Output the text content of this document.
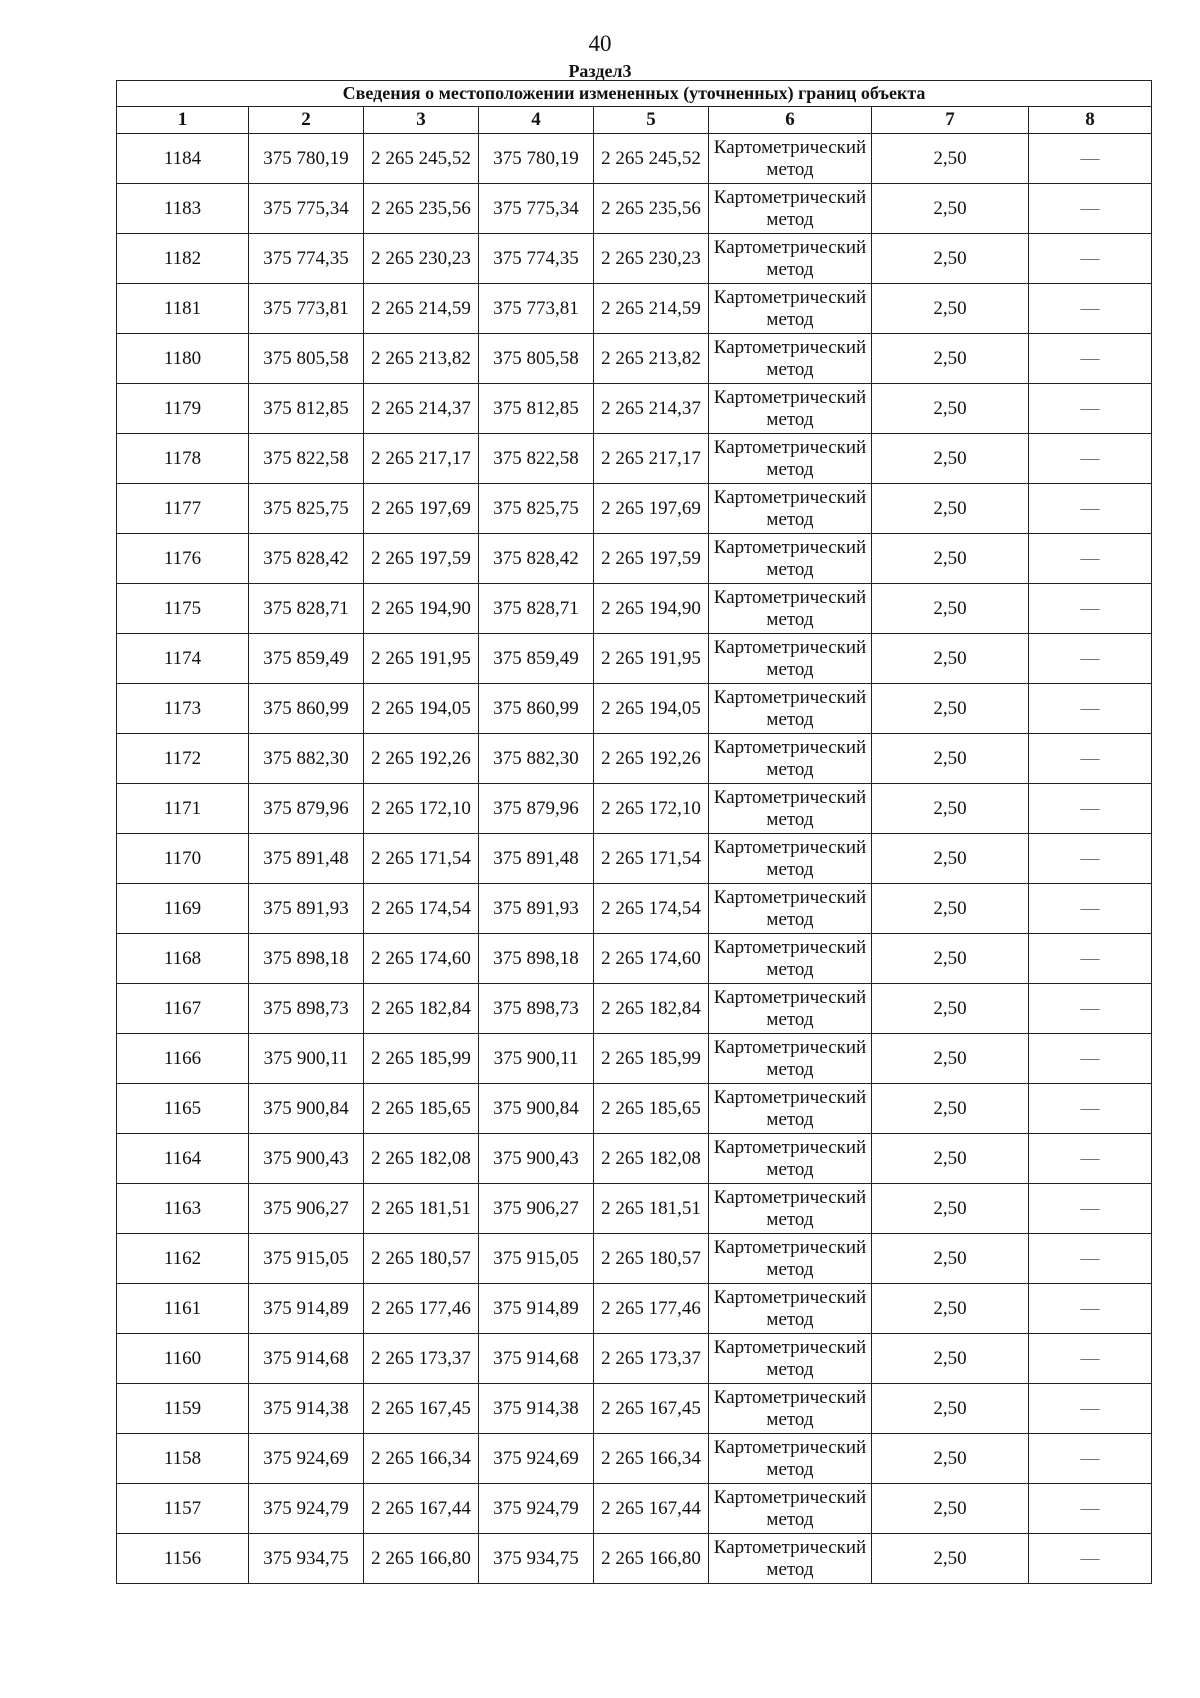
40
Раздел3
Сведения о местоположении измененных (уточненных) границ объекта							
1	2	3	4	5	6	7	8
1184	375 780,19	2 265 245,52	375 780,19	2 265 245,52	Картометрический метод	2,50	—
1183	375 775,34	2 265 235,56	375 775,34	2 265 235,56	Картометрический метод	2,50	—
1182	375 774,35	2 265 230,23	375 774,35	2 265 230,23	Картометрический метод	2,50	—
1181	375 773,81	2 265 214,59	375 773,81	2 265 214,59	Картометрический метод	2,50	—
1180	375 805,58	2 265 213,82	375 805,58	2 265 213,82	Картометрический метод	2,50	—
1179	375 812,85	2 265 214,37	375 812,85	2 265 214,37	Картометрический метод	2,50	—
1178	375 822,58	2 265 217,17	375 822,58	2 265 217,17	Картометрический метод	2,50	—
1177	375 825,75	2 265 197,69	375 825,75	2 265 197,69	Картометрический метод	2,50	—
1176	375 828,42	2 265 197,59	375 828,42	2 265 197,59	Картометрический метод	2,50	—
1175	375 828,71	2 265 194,90	375 828,71	2 265 194,90	Картометрический метод	2,50	—
1174	375 859,49	2 265 191,95	375 859,49	2 265 191,95	Картометрический метод	2,50	—
1173	375 860,99	2 265 194,05	375 860,99	2 265 194,05	Картометрический метод	2,50	—
1172	375 882,30	2 265 192,26	375 882,30	2 265 192,26	Картометрический метод	2,50	—
1171	375 879,96	2 265 172,10	375 879,96	2 265 172,10	Картометрический метод	2,50	—
1170	375 891,48	2 265 171,54	375 891,48	2 265 171,54	Картометрический метод	2,50	—
1169	375 891,93	2 265 174,54	375 891,93	2 265 174,54	Картометрический метод	2,50	—
1168	375 898,18	2 265 174,60	375 898,18	2 265 174,60	Картометрический метод	2,50	—
1167	375 898,73	2 265 182,84	375 898,73	2 265 182,84	Картометрический метод	2,50	—
1166	375 900,11	2 265 185,99	375 900,11	2 265 185,99	Картометрический метод	2,50	—
1165	375 900,84	2 265 185,65	375 900,84	2 265 185,65	Картометрический метод	2,50	—
1164	375 900,43	2 265 182,08	375 900,43	2 265 182,08	Картометрический метод	2,50	—
1163	375 906,27	2 265 181,51	375 906,27	2 265 181,51	Картометрический метод	2,50	—
1162	375 915,05	2 265 180,57	375 915,05	2 265 180,57	Картометрический метод	2,50	—
1161	375 914,89	2 265 177,46	375 914,89	2 265 177,46	Картометрический метод	2,50	—
1160	375 914,68	2 265 173,37	375 914,68	2 265 173,37	Картометрический метод	2,50	—
1159	375 914,38	2 265 167,45	375 914,38	2 265 167,45	Картометрический метод	2,50	—
1158	375 924,69	2 265 166,34	375 924,69	2 265 166,34	Картометрический метод	2,50	—
1157	375 924,79	2 265 167,44	375 924,79	2 265 167,44	Картометрический метод	2,50	—
1156	375 934,75	2 265 166,80	375 934,75	2 265 166,80	Картометрический метод	2,50	—
